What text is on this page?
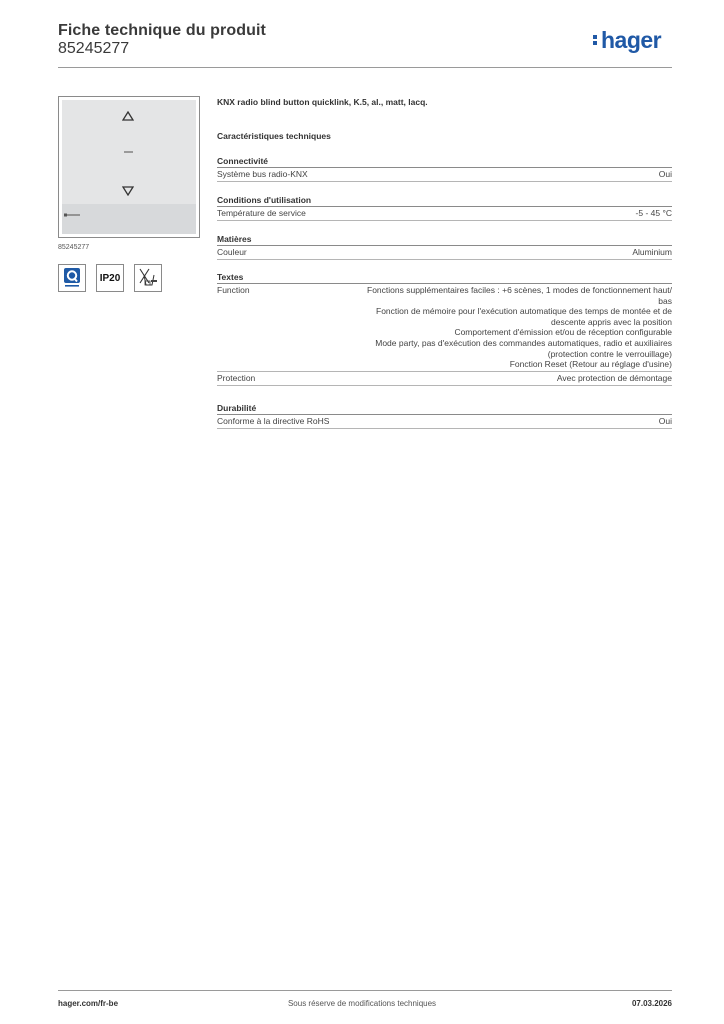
Fiche technique du produit
85245277	hager
85245277
IP20
KNX radio blind button quicklink, K.5, al., matt, lacq.
Caractéristiques techniques
Connectivité
Système bus radio-KNX	Oui
Conditions d'utilisation
Température de service	-5 - 45 °C
Matières
Couleur	Aluminium
Textes
Function	Fonctions supplémentaires faciles : +6 scènes, 1 modes de fonctionnement haut/
bas
Fonction de mémoire pour l'exécution automatique des temps de montée et de
descente appris avec la position
Comportement d'émission et/ou de réception configurable
Mode party, pas d'exécution des commandes automatiques, radio et auxiliaires
(protection contre le verrouillage)
Fonction Reset (Retour au réglage d'usine)
Protection	Avec protection de démontage
Durabilité
Conforme à la directive RoHS	Oui
hager.com/fr-be	Sous réserve de modifications techniques	07.03.2026
